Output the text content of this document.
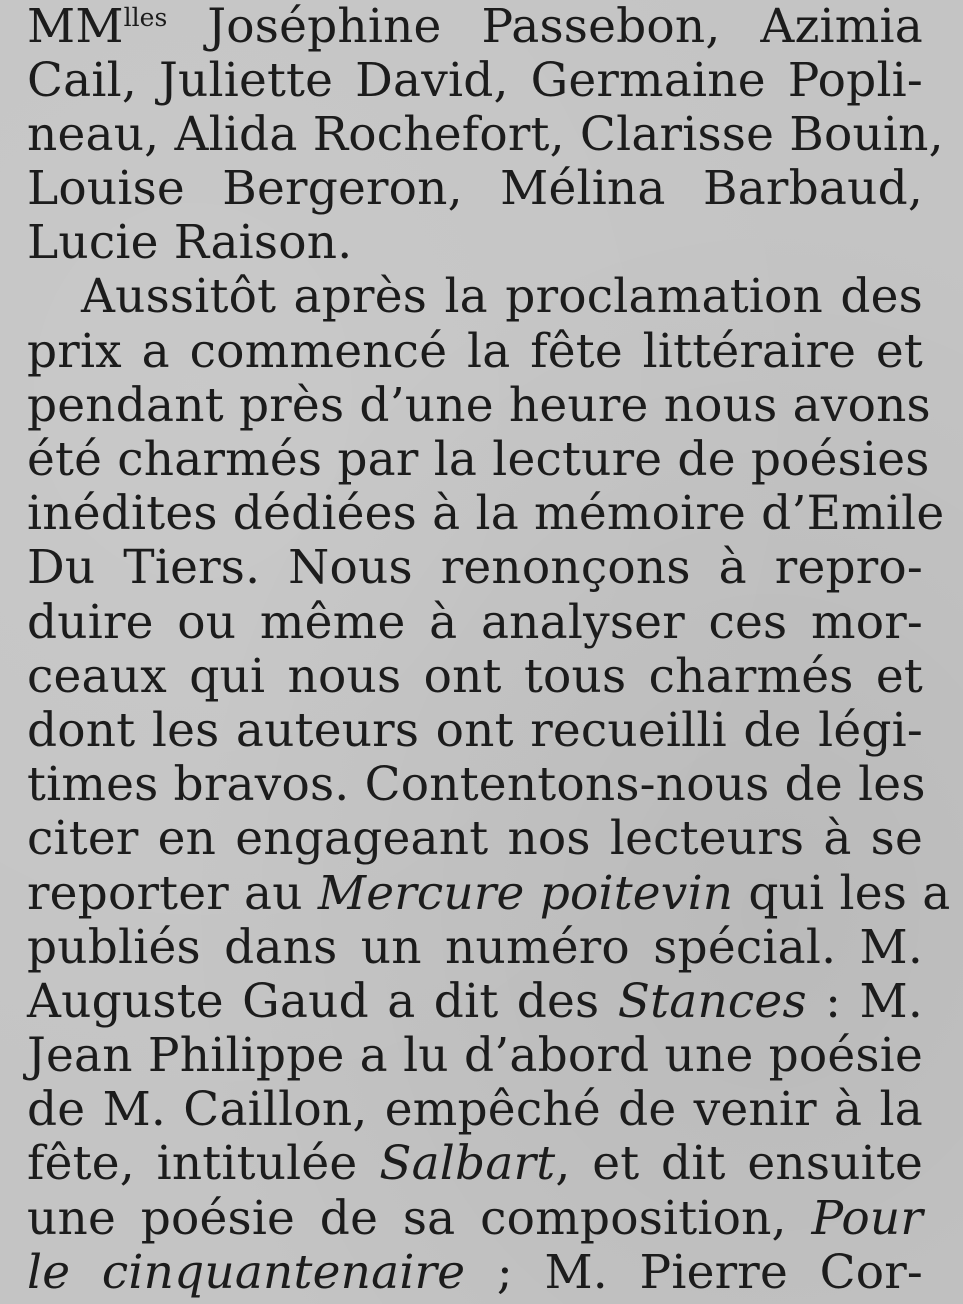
$MM^{lles}$ Joséphine Passebon, Azimia
Cail, Juliette David, Germaine Popli-
neau, Alida Rochefort, Clarisse Bouin,
Louise Bergeron, Mélina Barbaud,
Lucie Raison.
Aussitôt après la proclamation des
prix a commencé la fête littéraire et
pendant près d’une heure nous avons
été charmés par la lecture de poésies
inédites dédiées à la mémoire d’Emile
Du Tiers. Nous renonçons à repro-
duire ou même à analyser ces mor-
ceaux qui nous ont tous charmés et
dont les auteurs ont recueilli de légi-
times bravos. Contentons-nous de les
citer en engageant nos lecteurs à se
reporter au Mercure poitevin qui les a
publiés dans un numéro spécial. M.
Auguste Gaud a dit des Stances : M.
Jean Philippe a lu d’abord une poésie
de M. Caillon, empêché de venir à la
fête, intitulée Salbart, et dit ensuite
une poésie de sa composition, Pour
le cinquantenaire ; M. Pierre Cor-
